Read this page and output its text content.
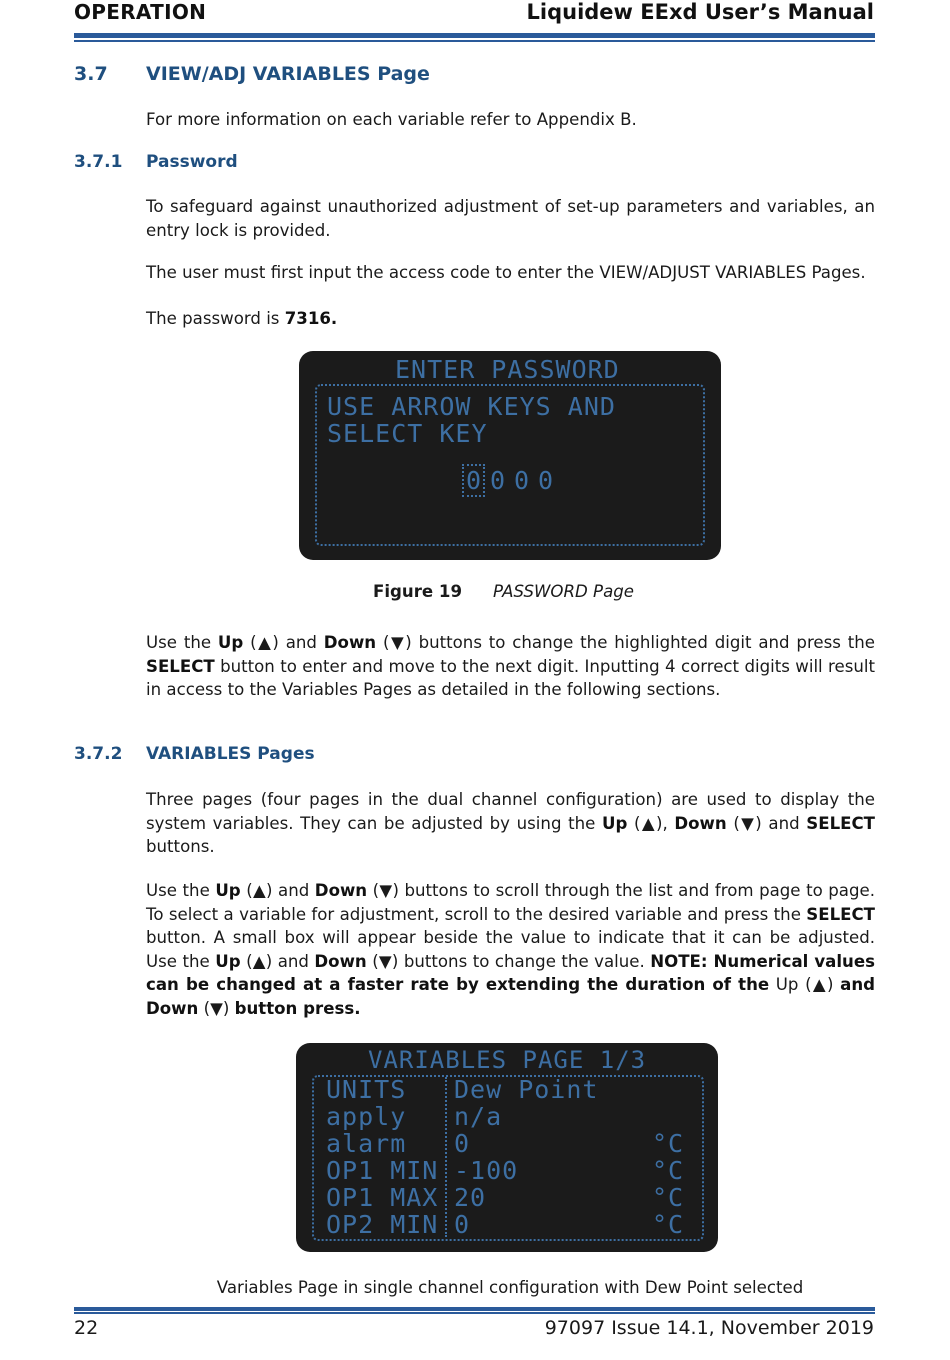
OPERATION	Liquidew EExd User’s Manual
3.7 VIEW/ADJ VARIABLES Page
For more information on each variable refer to Appendix B.
3.7.1 Password
To safeguard against unauthorized adjustment of set-up parameters and variables, an entry lock is provided.
The user must first input the access code to enter the VIEW/ADJUST VARIABLES Pages.
The password is 7316.
ENTER PASSWORD
USE ARROW KEYS AND
SELECT KEY
0 0 0 0
Figure 19 PASSWORD Page
Use the Up (▲) and Down (▼) buttons to change the highlighted digit and press the SELECT button to enter and move to the next digit. Inputting 4 correct digits will result in access to the Variables Pages as detailed in the following sections.
3.7.2 VARIABLES Pages
Three pages (four pages in the dual channel configuration) are used to display the system variables. They can be adjusted by using the Up (▲), Down (▼) and SELECT buttons.
Use the Up (▲) and Down (▼) buttons to scroll through the list and from page to page. To select a variable for adjustment, scroll to the desired variable and press the SELECT button. A small box will appear beside the value to indicate that it can be adjusted. Use the Up (▲) and Down (▼) buttons to change the value. NOTE: Numerical values can be changed at a faster rate by extending the duration of the Up (▲) and Down (▼) button press.
VARIABLES PAGE 1/3
UNITS Dew Point
apply n/a
alarm 0	°C
OP1 MIN -100	°C
OP1 MAX 20	°C
OP2 MIN 0	°C
Variables Page in single channel configuration with Dew Point selected
22	97097 Issue 14.1, November 2019
